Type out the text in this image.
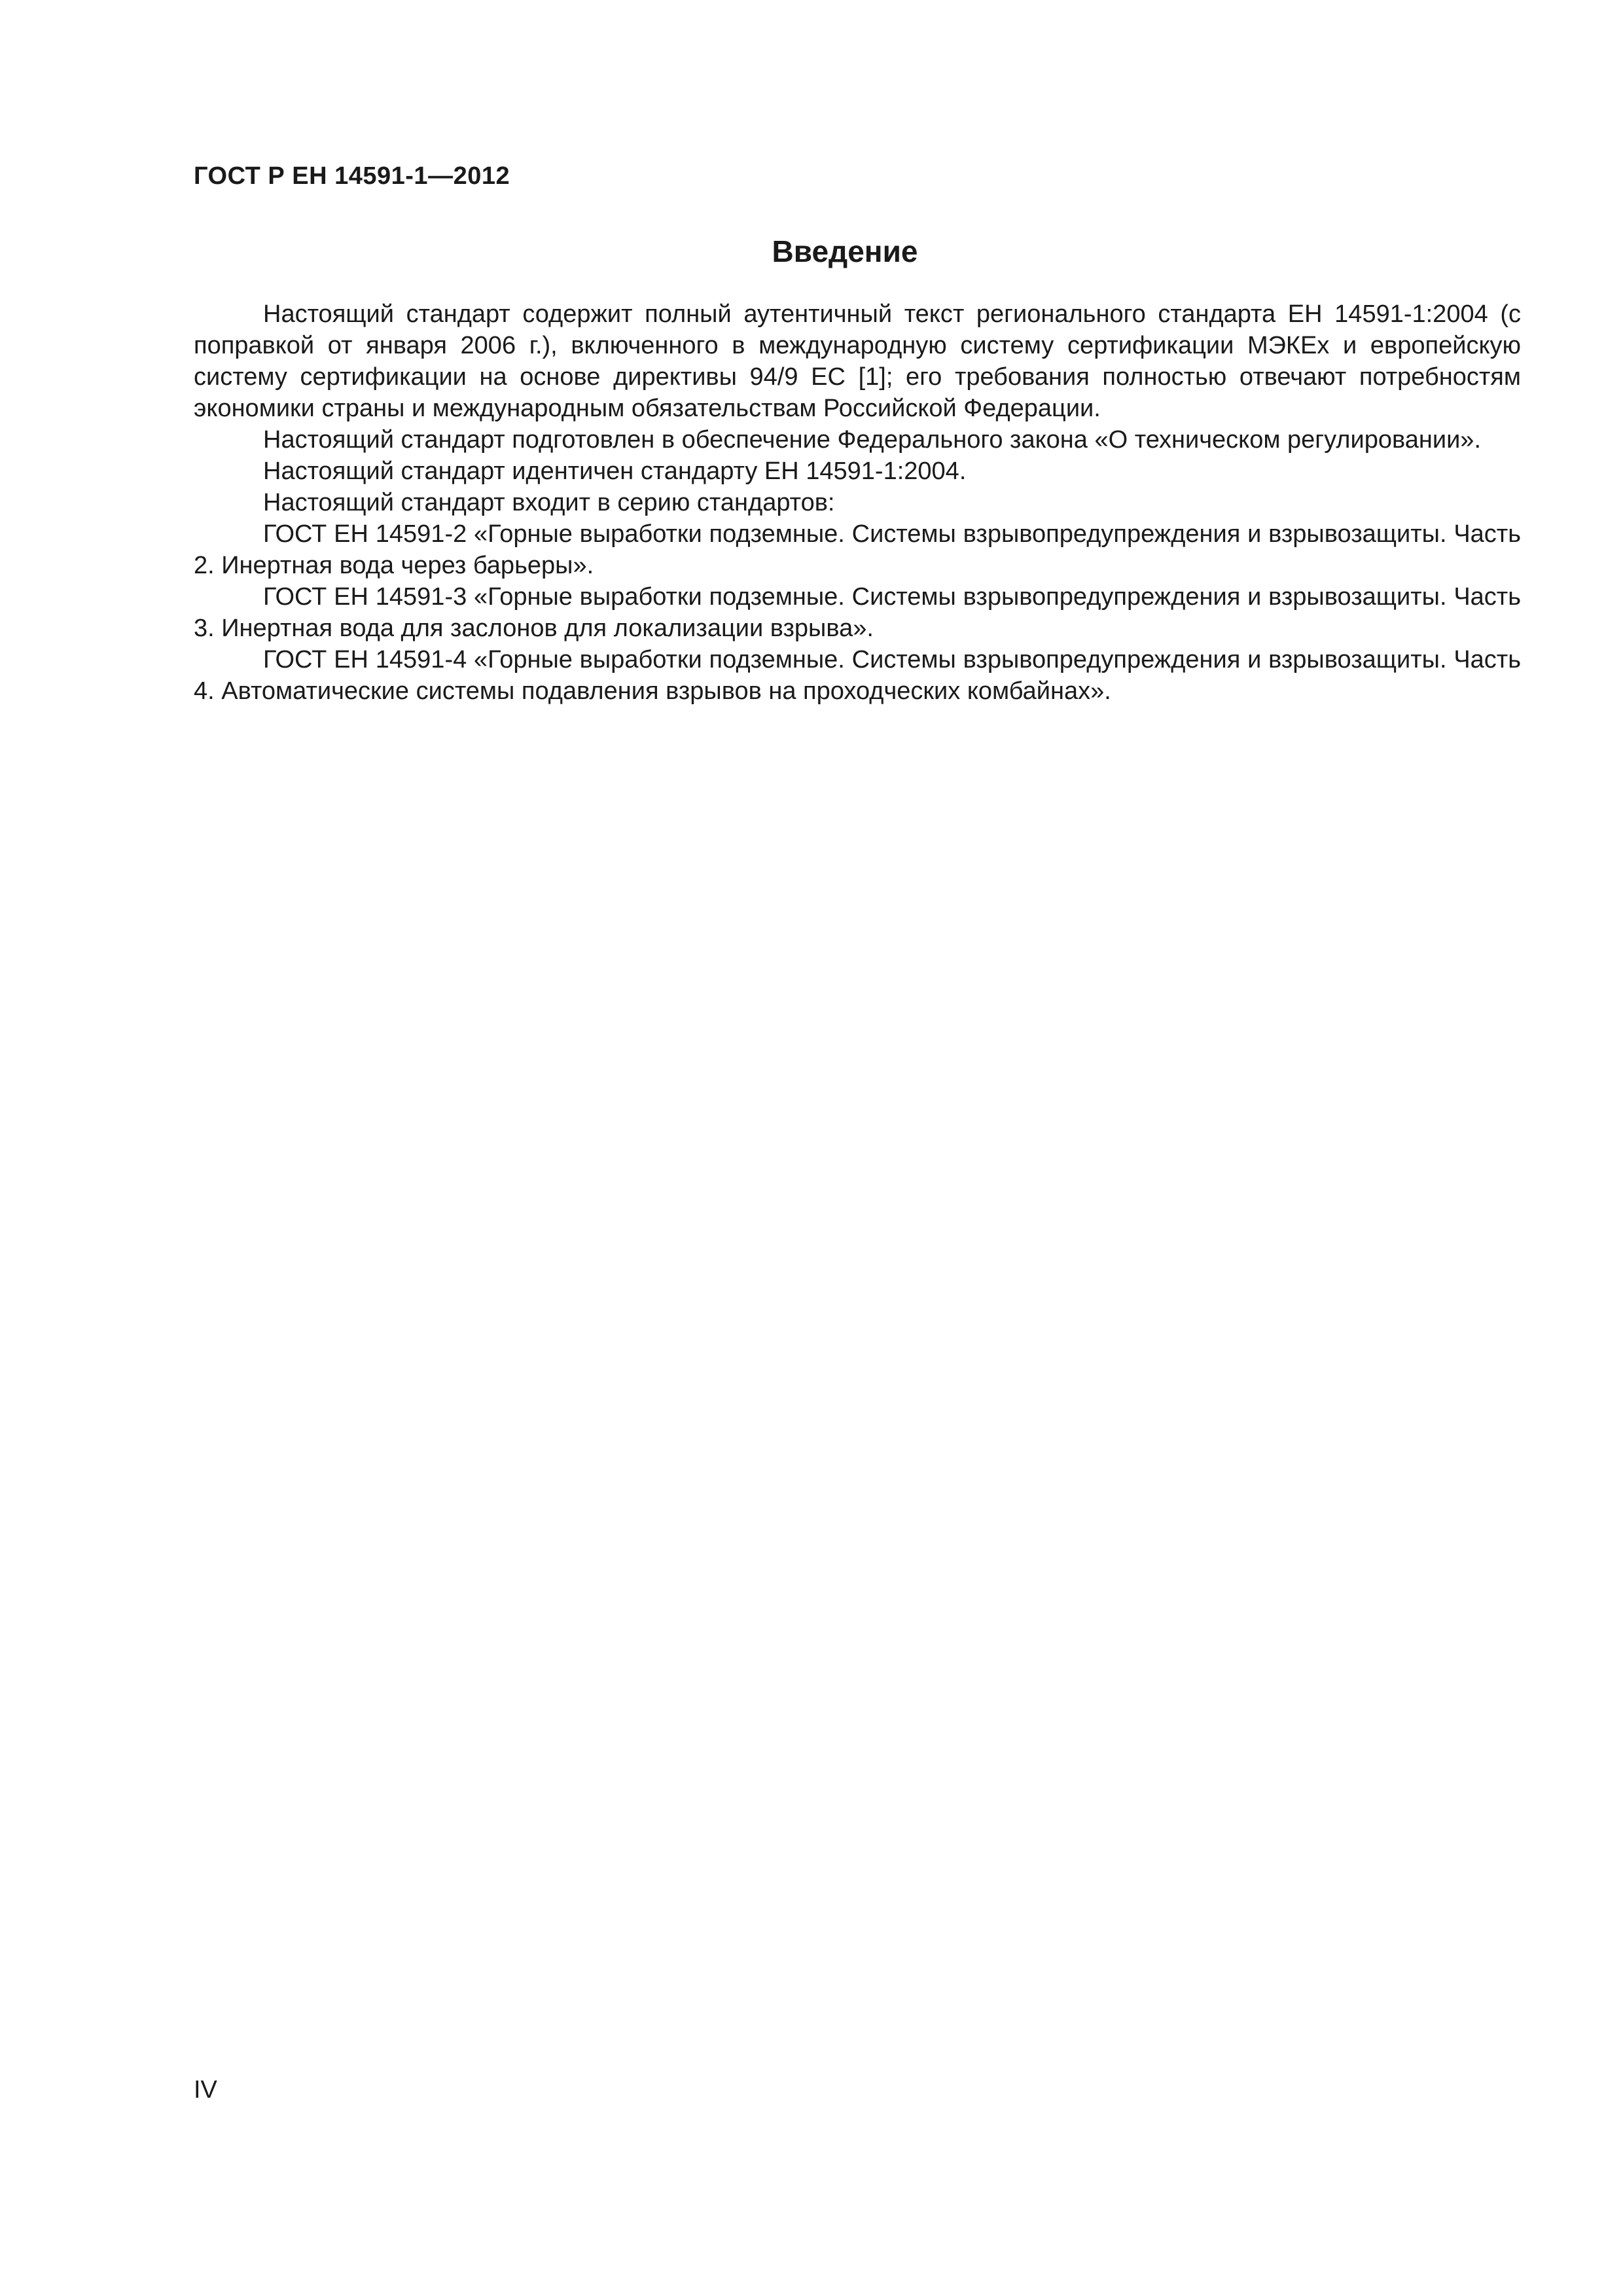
ГОСТ Р ЕН 14591-1—2012
Введение

Настоящий стандарт содержит полный аутентичный текст регионального стандарта ЕН 14591-1:2004 (с поправкой от января 2006 г.), включенного в международную систему сертификации МЭКЕх и европейскую систему сертификации на основе директивы 94/9 ЕС [1]; его требования полностью отвечают потребностям экономики страны и международным обязательствам Российской Федерации.

Настоящий стандарт подготовлен в обеспечение Федерального закона «О техническом регулировании».

Настоящий стандарт идентичен стандарту ЕН 14591-1:2004.

Настоящий стандарт входит в серию стандартов:

ГОСТ ЕН 14591-2 «Горные выработки подземные. Системы взрывопредупреждения и взрывозащиты. Часть 2. Инертная вода через барьеры».

ГОСТ ЕН 14591-3 «Горные выработки подземные. Системы взрывопредупреждения и взрывозащиты. Часть 3. Инертная вода для заслонов для локализации взрыва».

ГОСТ ЕН 14591-4 «Горные выработки подземные. Системы взрывопредупреждения и взрывозащиты. Часть 4. Автоматические системы подавления взрывов на проходческих комбайнах».

IV
